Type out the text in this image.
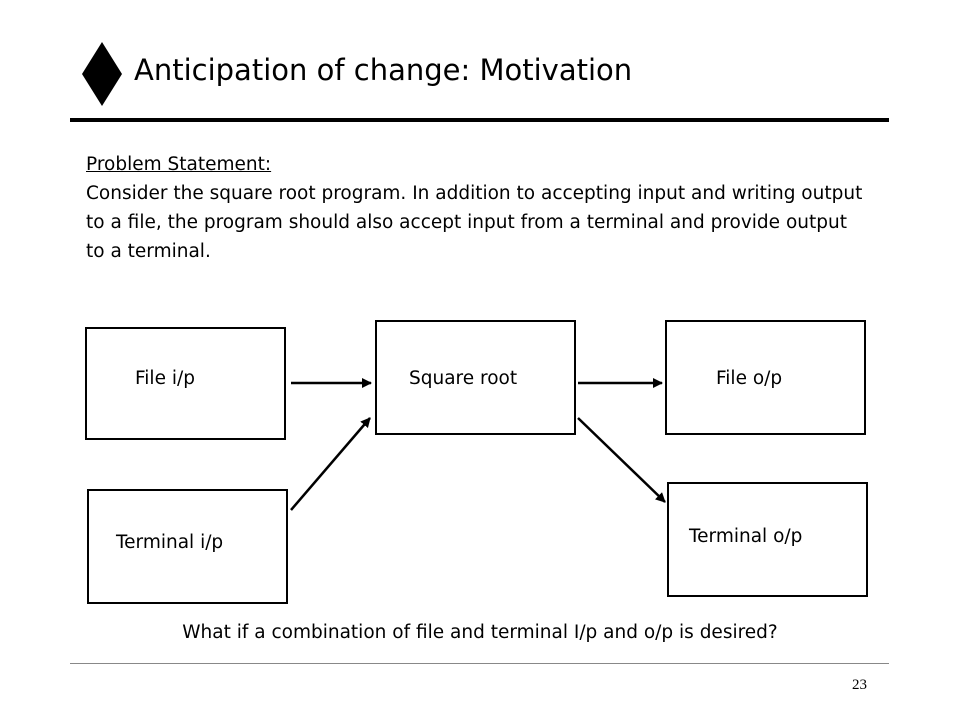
Anticipation of change: Motivation
Problem Statement:
Consider the square root program. In addition to accepting input and writing output to a file, the program should also accept input from a terminal and provide output to a terminal.
File i/p
Terminal i/p
Square root	File o/p
Terminal o/p
What if a combination of file and terminal I/p and o/p is desired?
23
